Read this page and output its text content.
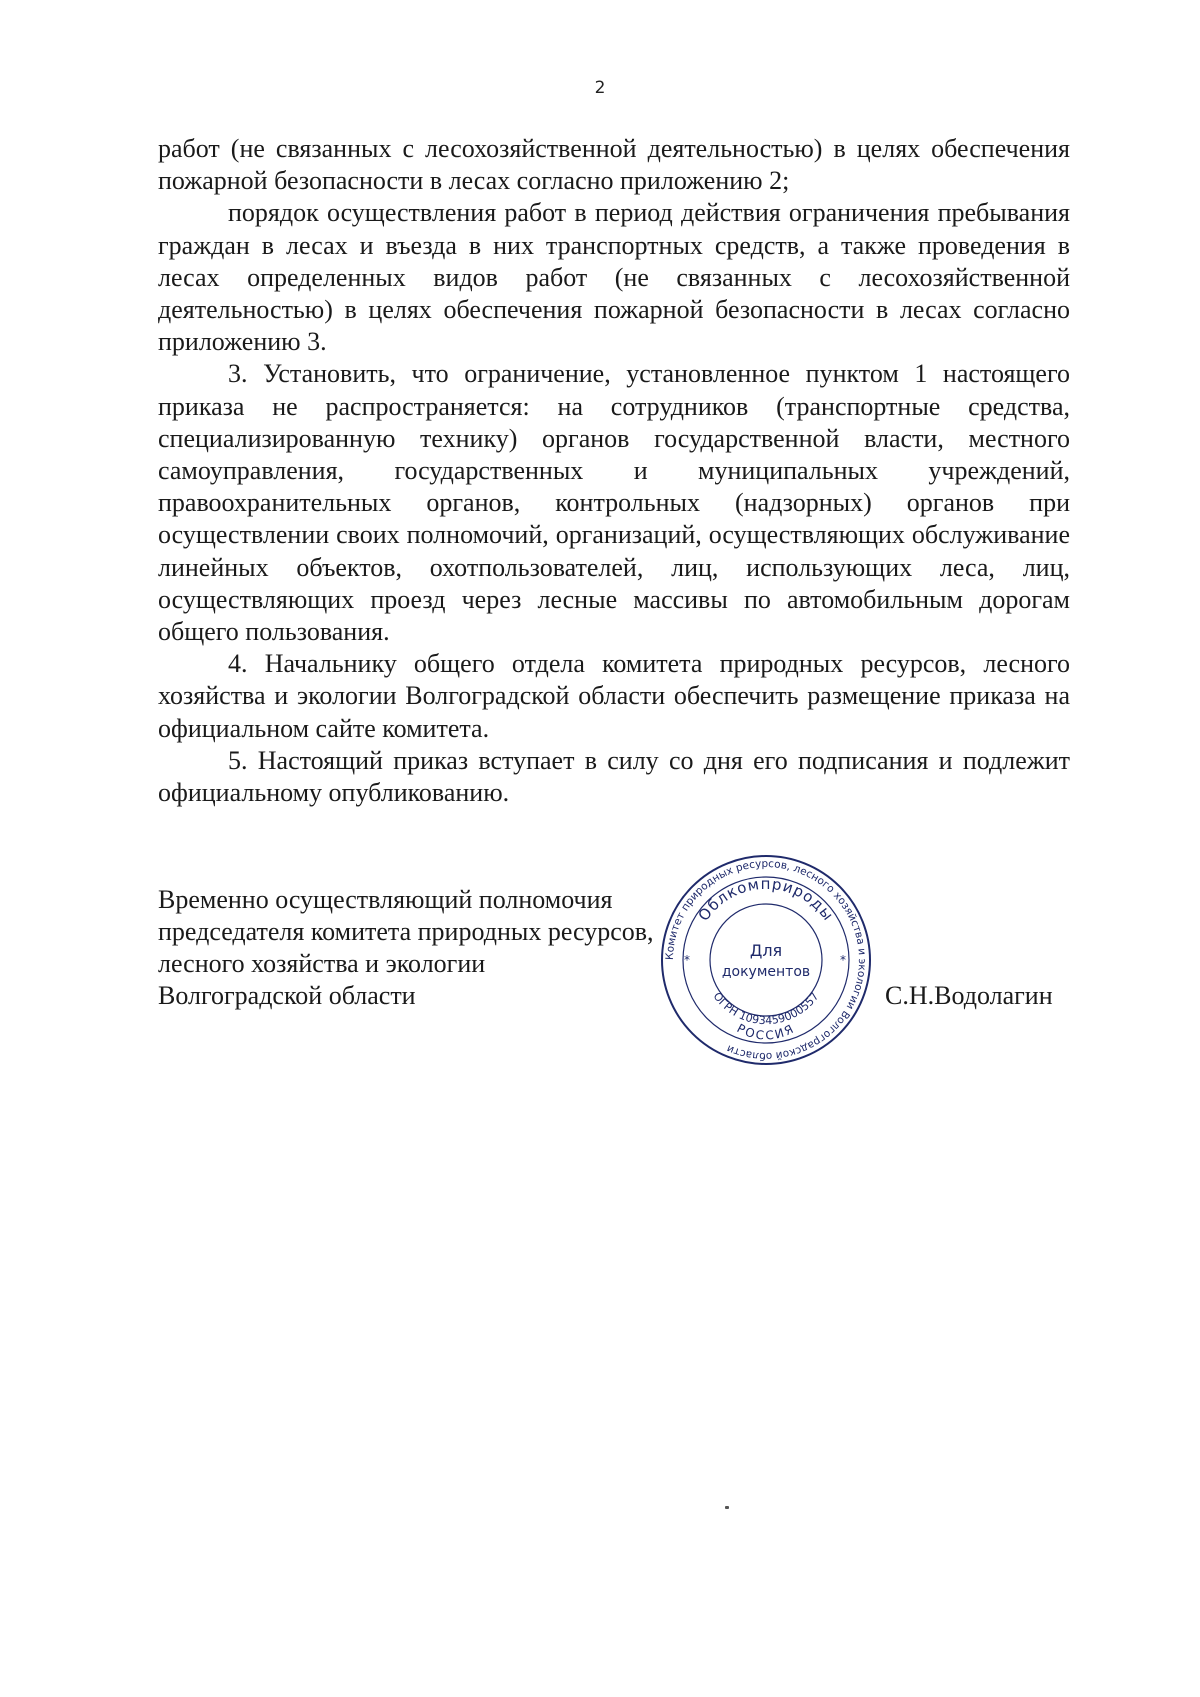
2

работ (не связанных с лесохозяйственной деятельностью) в целях обеспечения пожарной безопасности в лесах согласно приложению 2;

порядок осуществления работ в период действия ограничения пребывания граждан в лесах и въезда в них транспортных средств, а также проведения в лесах определенных видов работ (не связанных с лесохозяйственной деятельностью) в целях обеспечения пожарной безопасности в лесах согласно приложению 3.

3. Установить, что ограничение, установленное пунктом 1 настоящего приказа не распространяется: на сотрудников (транспортные средства, специализированную технику) органов государственной власти, местного самоуправления, государственных и муниципальных учреждений, правоохранительных органов, контрольных (надзорных) органов при осуществлении своих полномочий, организаций, осуществляющих обслуживание линейных объектов, охотпользователей, лиц, использующих леса, лиц, осуществляющих проезд через лесные массивы по автомобильным дорогам общего пользования.

4. Начальнику общего отдела комитета природных ресурсов, лесного хозяйства и экологии Волгоградской области обеспечить размещение приказа на официальном сайте комитета.

5. Настоящий приказ вступает в силу со дня его подписания и подлежит официальному опубликованию.

Временно осуществляющий полномочия
председателя комитета природных ресурсов,
лесного хозяйства и экологии
Волгоградской области	С.Н.Водолагин
Комитет природных ресурсов, лесного хозяйства и экологии Волгоградской области
Облкомприроды
Для
документов
ОГРН 1093459000557
РОССИЯ
*	*
